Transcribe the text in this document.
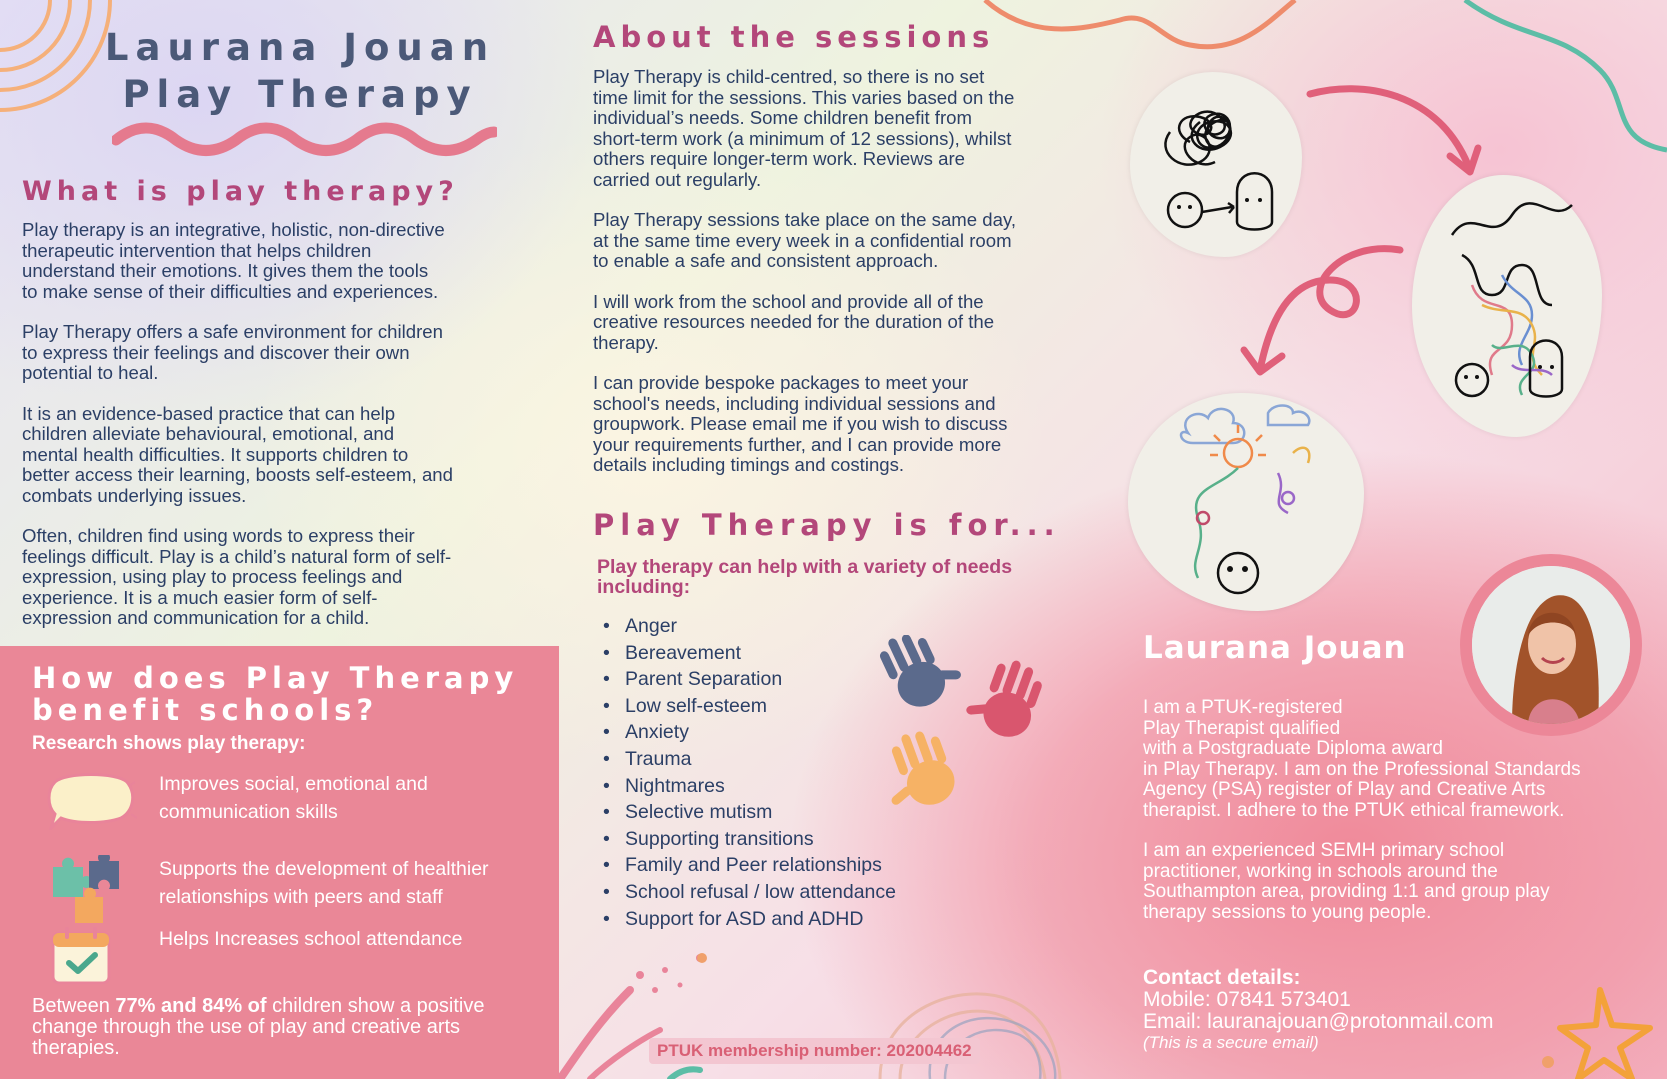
Laurana Jouan
Play Therapy
What is play therapy?

Play therapy is an integrative, holistic, non-directive
therapeutic intervention that helps children
understand their emotions. It gives them the tools
to make sense of their difficulties and experiences.

Play Therapy offers a safe environment for children
to express their feelings and discover their own
potential to heal.

It is an evidence-based practice that can help
children alleviate behavioural, emotional, and
mental health difficulties. It supports children to
better access their learning, boosts self-esteem, and
combats underlying issues.

Often, children find using words to express their
feelings difficult. Play is a child’s natural form of self-
expression, using play to process feelings and
experience. It is a much easier form of self-
expression and communication for a child.

How does Play Therapy
benefit schools?
Research shows play therapy:
Improves social, emotional and
communication skills
Supports the development of healthier
relationships with peers and staff
Helps Increases school attendance
Between 77% and 84% of children show a positive change through the use of play and creative arts therapies.
About the sessions

Play Therapy is child-centred, so there is no set
time limit for the sessions. This varies based on the
individual’s needs. Some children benefit from
short-term work (a minimum of 12 sessions), whilst
others require longer-term work. Reviews are
carried out regularly.

Play Therapy sessions take place on the same day,
at the same time every week in a confidential room
to enable a safe and consistent approach.

I will work from the school and provide all of the
creative resources needed for the duration of the
therapy.

I can provide bespoke packages to meet your
school's needs, including individual sessions and
groupwork. Please email me if you wish to discuss
your requirements further, and I can provide more
details including timings and costings.

Play Therapy is for...
Play therapy can help with a variety of needs including:
• Anger
• Bereavement
• Parent Separation
• Low self-esteem
• Anxiety
• Trauma
• Nightmares
• Selective mutism
• Supporting transitions
• Family and Peer relationships
• School refusal / low attendance
• Support for ASD and ADHD
PTUK membership number: 202004462
Laurana Jouan

I am a PTUK-registered
Play Therapist qualified
with a Postgraduate Diploma award
in Play Therapy. I am on the Professional Standards
Agency (PSA) register of Play and Creative Arts
therapist. I adhere to the PTUK ethical framework.

I am an experienced SEMH primary school
practitioner, working in schools around the
Southampton area, providing 1:1 and group play
therapy sessions to young people.

Contact details:
Mobile: 07841 573401
Email: lauranajouan@protonmail.com
(This is a secure email)
